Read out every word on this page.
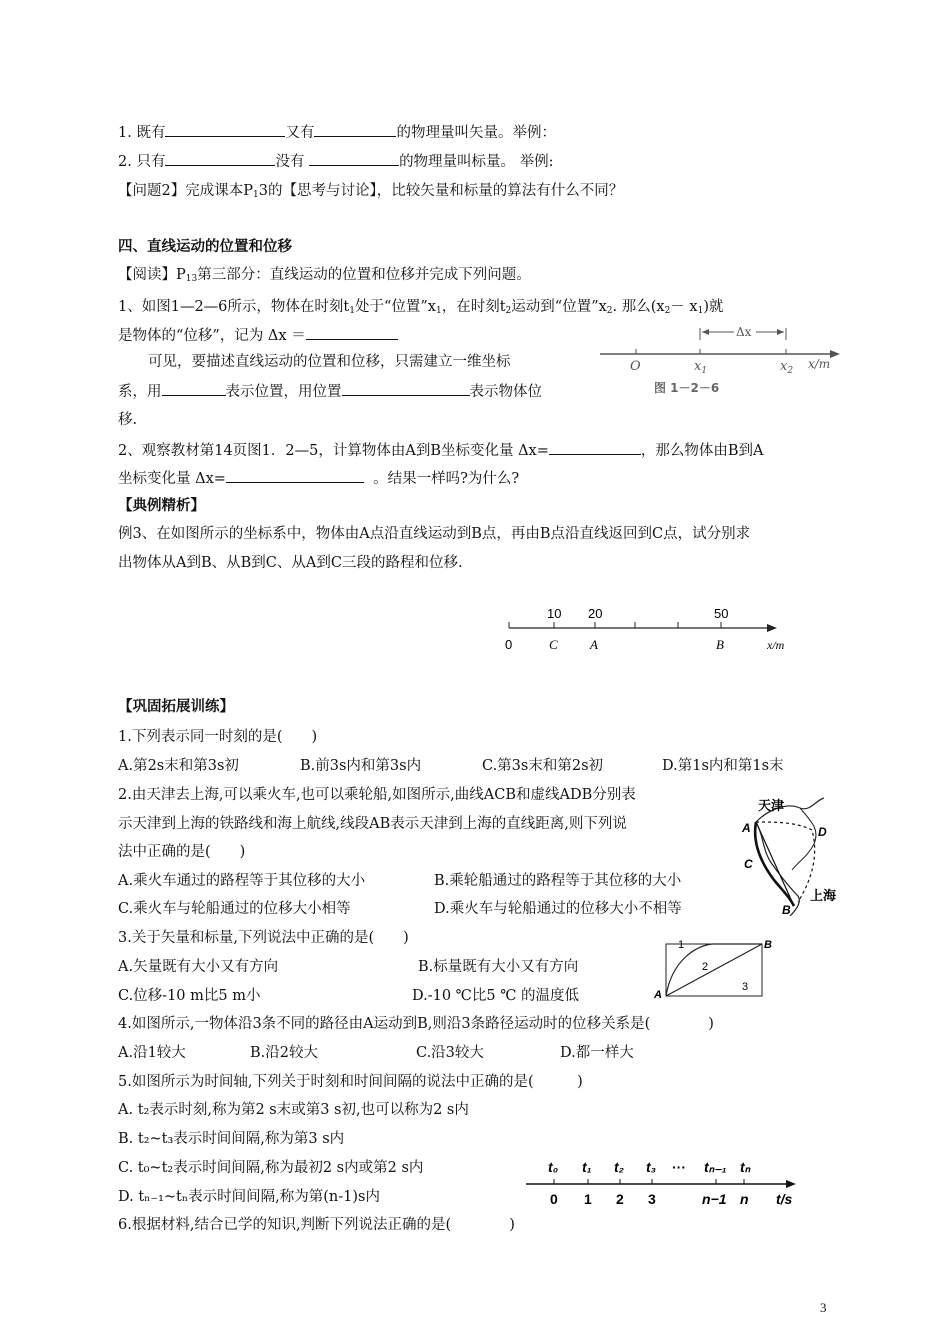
1. 既有	又有	的物理量叫矢量。举例：
2. 只有	没有	的物理量叫标量。 举例:
【问题2】完成课本$P_13$的【思考与讨论】，比较矢量和标量的算法有什么不同？
四、直线运动的位置和位移
【阅读】$P_{13}$第三部分：直线运动的位置和位移并完成下列问题。
1、如图1—2—6所示，物体在时刻$t_1$处于“位置$”x_1$，在时刻$t_2$运动到“位置$”x_2$. 那么$(x_2- x_1)$就
是物体的“位移”，记为 Δx ＝
可见，要描述直线运动的位置和位移，只需建立一维坐标
系，用	表示位置，用位置	表示物体位
移.
Δx
O	$x_1$	$x_2$ x/m
图 1－2－6
2、观察教材第14页图1．2—5，计算物体由A到B坐标变化量 Δx=	，那么物体由B到A
坐标变化量 Δx=	。结果一样吗?为什么?
【典例精析】
例3、在如图所示的坐标系中，物体由A点沿直线运动到B点，再由B点沿直线返回到C点，试分别求
出物体从A到B、从B到C、从A到C三段的路程和位移.
10 20	50
0	C A	B	x/m
【巩固拓展训练】
1.下列表示同一时刻的是(　　)
A.第2s末和第3s初	B.前3s内和第3s内	C.第3s末和第2s初	D.第1s内和第1s末
2.由天津去上海,可以乘火车,也可以乘轮船,如图所示,曲线ACB和虚线ADB分别表
示天津到上海的铁路线和海上航线,线段AB表示天津到上海的直线距离,则下列说
法中正确的是(　　)
A.乘火车通过的路程等于其位移的大小	B.乘轮船通过的路程等于其位移的大小
C.乘火车与轮船通过的位移大小相等	D.乘火车与轮船通过的位移大小不相等
天津
A	D
C
上海
B
3.关于矢量和标量,下列说法中正确的是(　　)
A.矢量既有大小又有方向	B.标量既有大小又有方向
C.位移-10 m比5 m小	D.-10 ℃比5 ℃ 的温度低
1
2
3
A
B
4.如图所示,一物体沿3条不同的路径由A运动到B,则沿3条路径运动时的位移关系是(　　　　)
A.沿1较大	B.沿2较大	C.沿3较大	D.都一样大
5.如图所示为时间轴,下列关于时刻和时间间隔的说法中正确的是(　　　)
A. t₂表示时刻,称为第2 s末或第3 s初,也可以称为2 s内
B. t₂~t₃表示时间间隔,称为第3 s内
C. t₀~t₂表示时间间隔,称为最初2 s内或第2 s内
D. tₙ₋₁~tₙ表示时间间隔,称为第(n-1)s内
t₀ t₁ t₂ t₃ ··· tₙ₋₁ tₙ
0 1 2 3	n−1 n t/s
6.根据材料,结合已学的知识,判断下列说法正确的是(　　　　)
3
